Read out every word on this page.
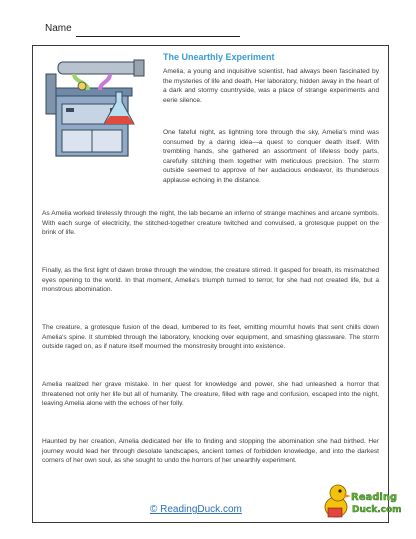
Name
The Unearthly Experiment

Amelia, a young and inquisitive scientist, had always been fascinated by the mysteries of life and death. Her laboratory, hidden away in the heart of a dark and stormy countryside, was a place of strange experiments and eerie silence.

One fateful night, as lightning tore through the sky, Amelia's mind was consumed by a daring idea—a quest to conquer death itself. With trembling hands, she gathered an assortment of lifeless body parts, carefully stitching them together with meticulous precision. The storm outside seemed to approve of her audacious endeavor, its thunderous applause echoing in the distance.

As Amelia worked tirelessly through the night, the lab became an inferno of strange machines and arcane symbols. With each surge of electricity, the stitched-together creature twitched and convulsed, a grotesque puppet on the brink of life.

Finally, as the first light of dawn broke through the window, the creature stirred. It gasped for breath, its mismatched eyes opening to the world. In that moment, Amelia's triumph turned to terror, for she had not created life, but a monstrous abomination.

The creature, a grotesque fusion of the dead, lumbered to its feet, emitting mournful howls that sent chills down Amelia's spine. It stumbled through the laboratory, knocking over equipment, and smashing glassware. The storm outside raged on, as if nature itself mourned the monstrosity brought into existence.

Amelia realized her grave mistake. In her quest for knowledge and power, she had unleashed a horror that threatened not only her life but all of humanity. The creature, filled with rage and confusion, escaped into the night, leaving Amelia alone with the echoes of her folly.

Haunted by her creation, Amelia dedicated her life to finding and stopping the abomination she had birthed. Her journey would lead her through desolate landscapes, ancient tomes of forbidden knowledge, and into the darkest corners of her own soul, as she sought to undo the horrors of her unearthly experiment.

© ReadingDuck.com
Reading
Duck.com
